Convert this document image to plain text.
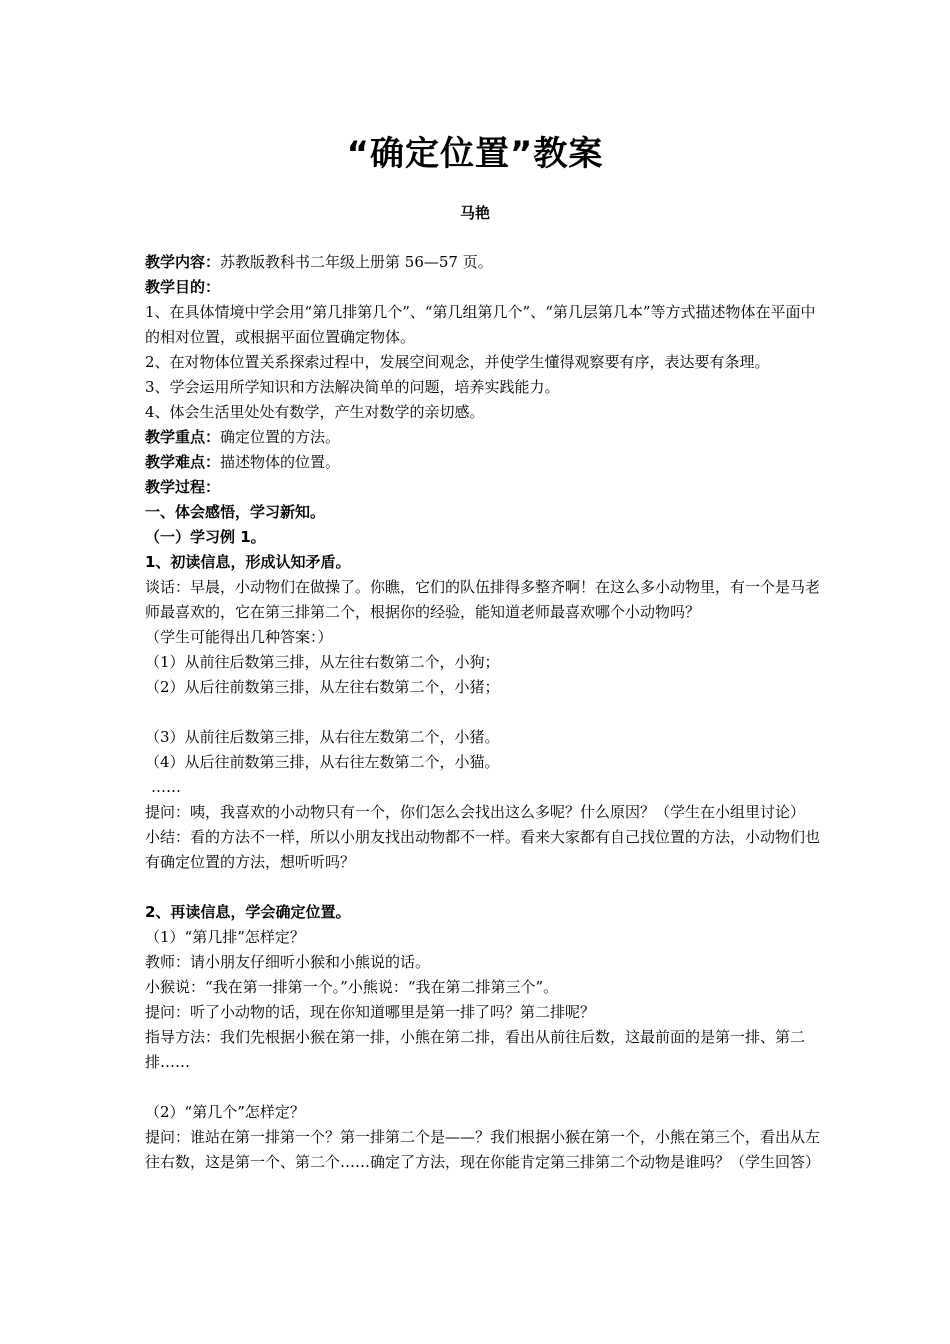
“确定位置”教案
马艳
教学内容：苏教版教科书二年级上册第 56—57 页。
教学目的：
1、在具体情境中学会用“第几排第几个”、“第几组第几个”、“第几层第几本”等方式描述物体在平面中的相对位置，或根据平面位置确定物体。
2、在对物体位置关系探索过程中，发展空间观念，并使学生懂得观察要有序，表达要有条理。
3、学会运用所学知识和方法解决简单的问题，培养实践能力。
4、体会生活里处处有数学，产生对数学的亲切感。
教学重点：确定位置的方法。
教学难点：描述物体的位置。
教学过程：
一、体会感悟，学习新知。
（一）学习例 1。
1、初读信息，形成认知矛盾。
谈话：早晨，小动物们在做操了。你瞧，它们的队伍排得多整齐啊！在这么多小动物里，有一个是马老师最喜欢的，它在第三排第二个，根据你的经验，能知道老师最喜欢哪个小动物吗？
（学生可能得出几种答案：）
（1）从前往后数第三排，从左往右数第二个，小狗；
（2）从后往前数第三排，从左往右数第二个，小猪；
（3）从前往后数第三排，从右往左数第二个，小猪。
（4）从后往前数第三排，从右往左数第二个，小猫。
……
提问：咦，我喜欢的小动物只有一个，你们怎么会找出这么多呢？什么原因？（学生在小组里讨论）
小结：看的方法不一样，所以小朋友找出动物都不一样。看来大家都有自己找位置的方法，小动物们也有确定位置的方法，想听听吗？
2、再读信息，学会确定位置。
（1）“第几排”怎样定？
教师：请小朋友仔细听小猴和小熊说的话。
小猴说：“我在第一排第一个。”小熊说：“我在第二排第三个”。
提问：听了小动物的话，现在你知道哪里是第一排了吗？第二排呢？
指导方法：我们先根据小猴在第一排，小熊在第二排，看出从前往后数，这最前面的是第一排、第二排……
（2）“第几个”怎样定？
提问：谁站在第一排第一个？第一排第二个是——？我们根据小猴在第一个，小熊在第三个，看出从左往右数，这是第一个、第二个……确定了方法，现在你能肯定第三排第二个动物是谁吗？（学生回答）
